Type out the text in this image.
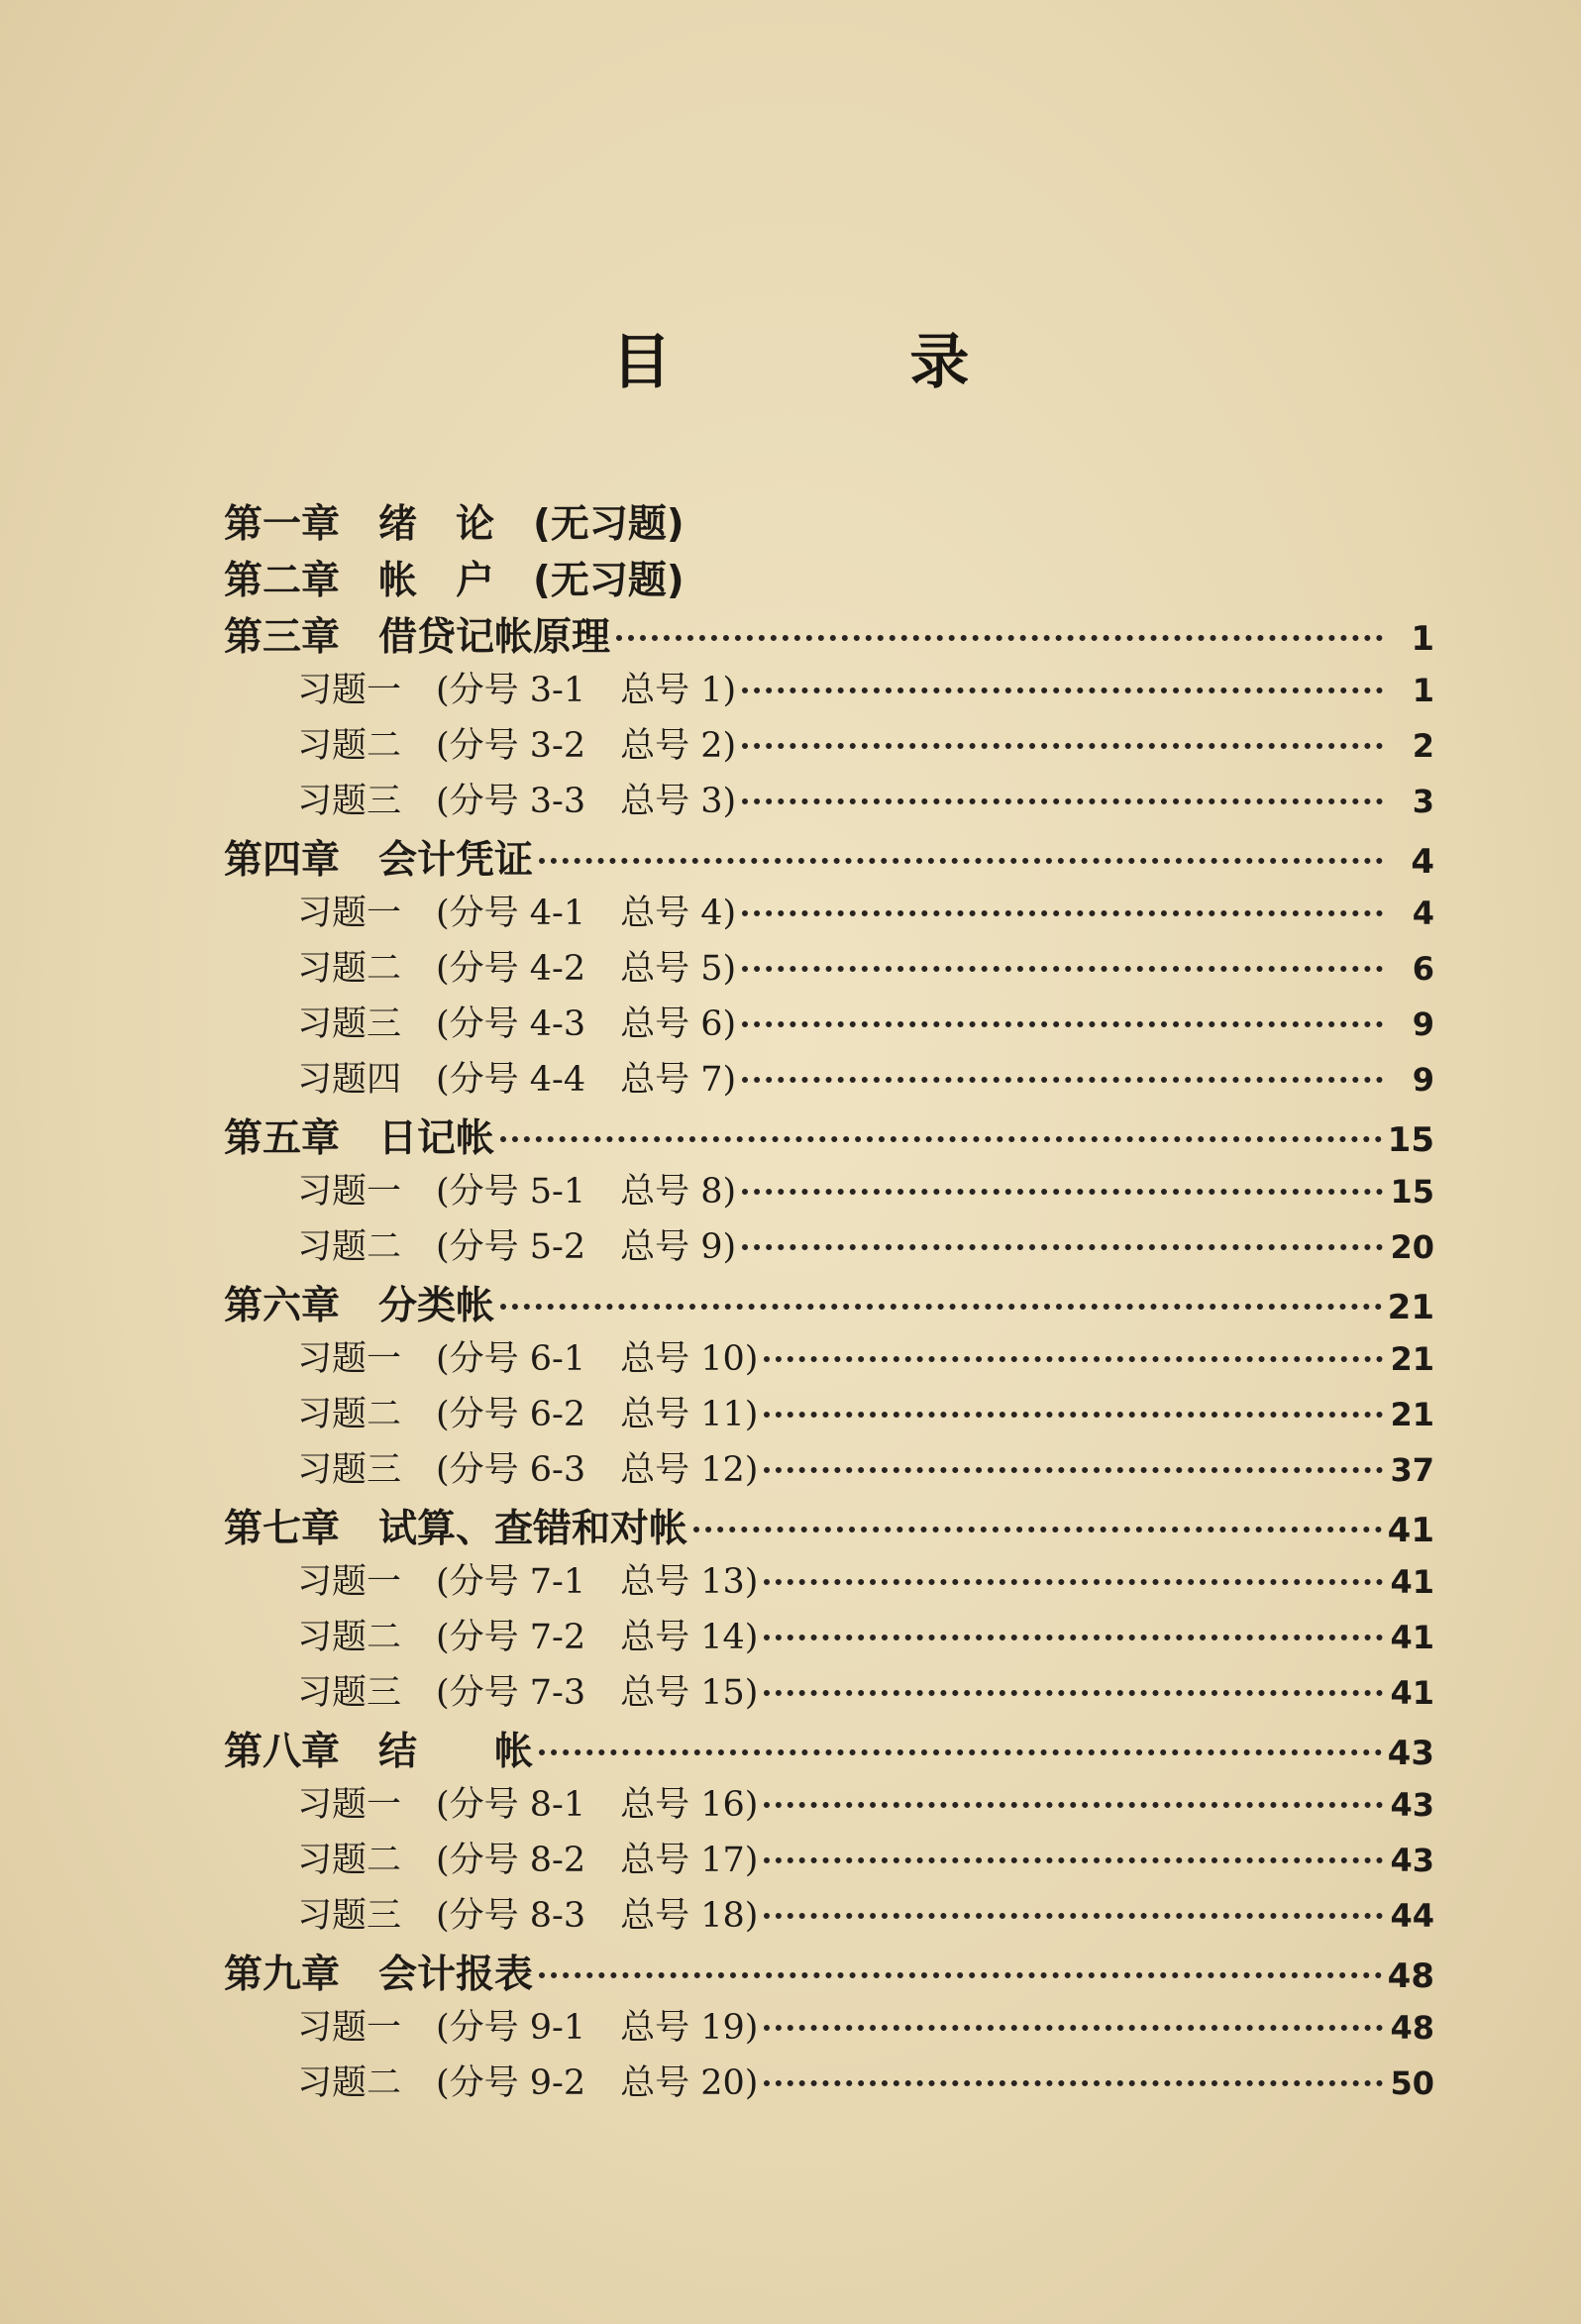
目 录
第一章　绪　论　(无习题)
第二章　帐　户　(无习题)
第三章　借贷记帐原理	1
习题一　(分号 3-1　总号 1)	1
习题二　(分号 3-2　总号 2)	2
习题三　(分号 3-3　总号 3)	3
第四章　会计凭证	4
习题一　(分号 4-1　总号 4)	4
习题二　(分号 4-2　总号 5)	6
习题三　(分号 4-3　总号 6)	9
习题四　(分号 4-4　总号 7)	9
第五章　日记帐	15
习题一　(分号 5-1　总号 8)	15
习题二　(分号 5-2　总号 9)	20
第六章　分类帐	21
习题一　(分号 6-1　总号 10)	21
习题二　(分号 6-2　总号 11)	21
习题三　(分号 6-3　总号 12)	37
第七章　试算、查错和对帐	41
习题一　(分号 7-1　总号 13)	41
习题二　(分号 7-2　总号 14)	41
习题三　(分号 7-3　总号 15)	41
第八章　结　　帐	43
习题一　(分号 8-1　总号 16)	43
习题二　(分号 8-2　总号 17)	43
习题三　(分号 8-3　总号 18)	44
第九章　会计报表	48
习题一　(分号 9-1　总号 19)	48
习题二　(分号 9-2　总号 20)	50
